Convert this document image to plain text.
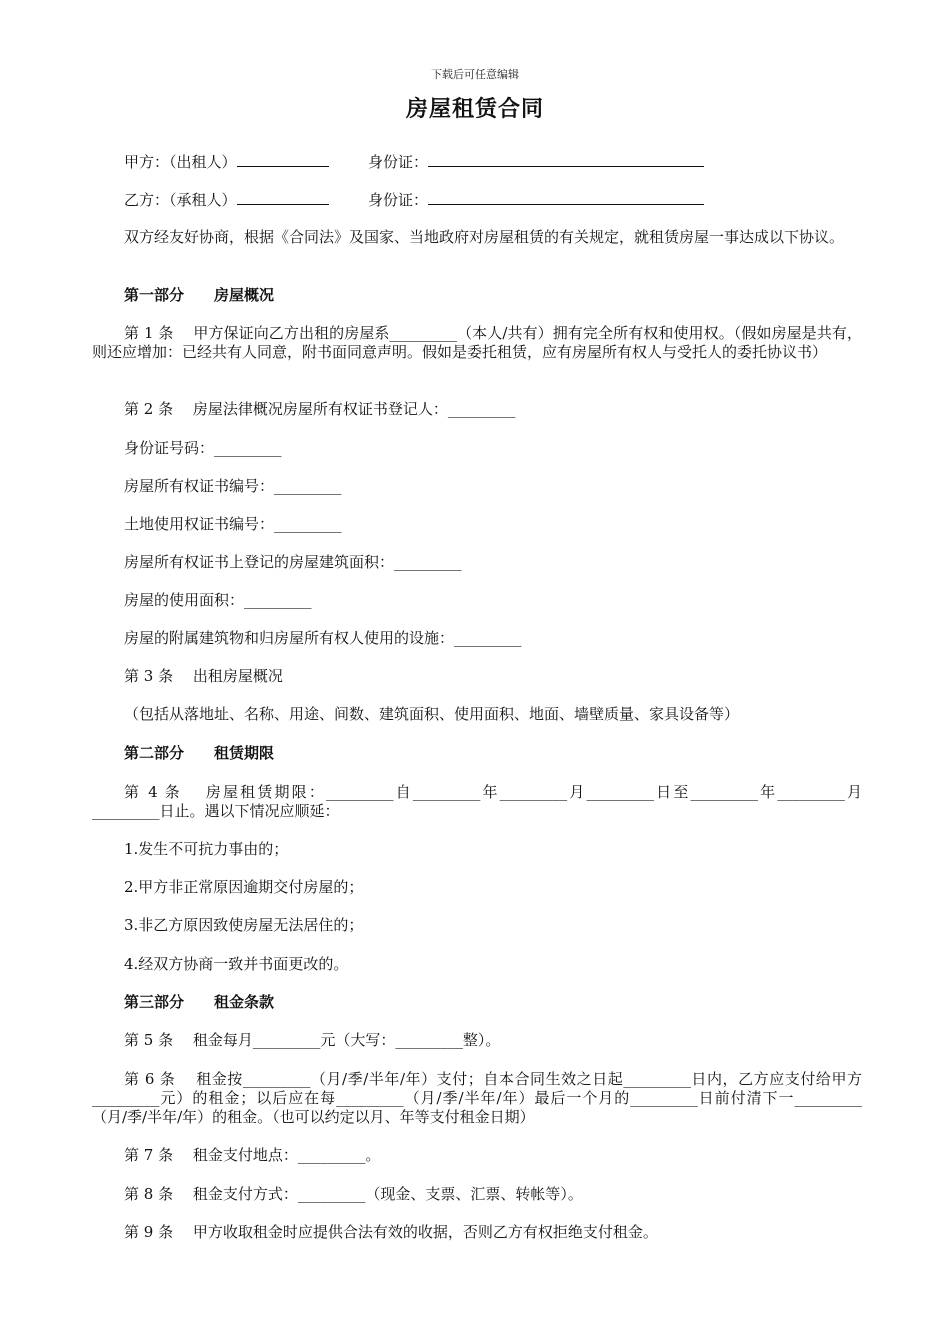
下载后可任意编辑
房屋租赁合同
甲方：（出租人）	身份证：
乙方：（承租人）	身份证：
双方经友好协商，根据《合同法》及国家、当地政府对房屋租赁的有关规定，就租赁房屋一事达成以下协议。
第一部分　　房屋概况
第 1 条　 甲方保证向乙方出租的房屋系_________（本人/共有）拥有完全所有权和使用权。（假如房屋是共有，则还应增加：已经共有人同意，附书面同意声明。假如是委托租赁，应有房屋所有权人与受托人的委托协议书）
第 2 条　 房屋法律概况房屋所有权证书登记人：_________
身份证号码：_________
房屋所有权证书编号：_________
土地使用权证书编号：_________
房屋所有权证书上登记的房屋建筑面积：_________
房屋的使用面积：_________
房屋的附属建筑物和归房屋所有权人使用的设施：_________
第 3 条　 出租房屋概况
（包括从落地址、名称、用途、间数、建筑面积、使用面积、地面、墙壁质量、家具设备等）
第二部分　　租赁期限
第 4 条　 房屋租赁期限：_________自_________年_________月_________日至_________年_________月_________日止。遇以下情况应顺延：
1.发生不可抗力事由的；
2.甲方非正常原因逾期交付房屋的；
3.非乙方原因致使房屋无法居住的；
4.经双方协商一致并书面更改的。
第三部分　　租金条款
第 5 条　 租金每月_________元（大写：_________整）。
第 6 条　 租金按_________（月/季/半年/年）支付；自本合同生效之日起_________日内，乙方应支付给甲方_________元）的租金；以后应在每_________（月/季/半年/年）最后一个月的_________日前付清下一_________（月/季/半年/年）的租金。（也可以约定以月、年等支付租金日期）
第 7 条　 租金支付地点：_________。
第 8 条　 租金支付方式：_________（现金、支票、汇票、转帐等）。
第 9 条　 甲方收取租金时应提供合法有效的收据，否则乙方有权拒绝支付租金。
